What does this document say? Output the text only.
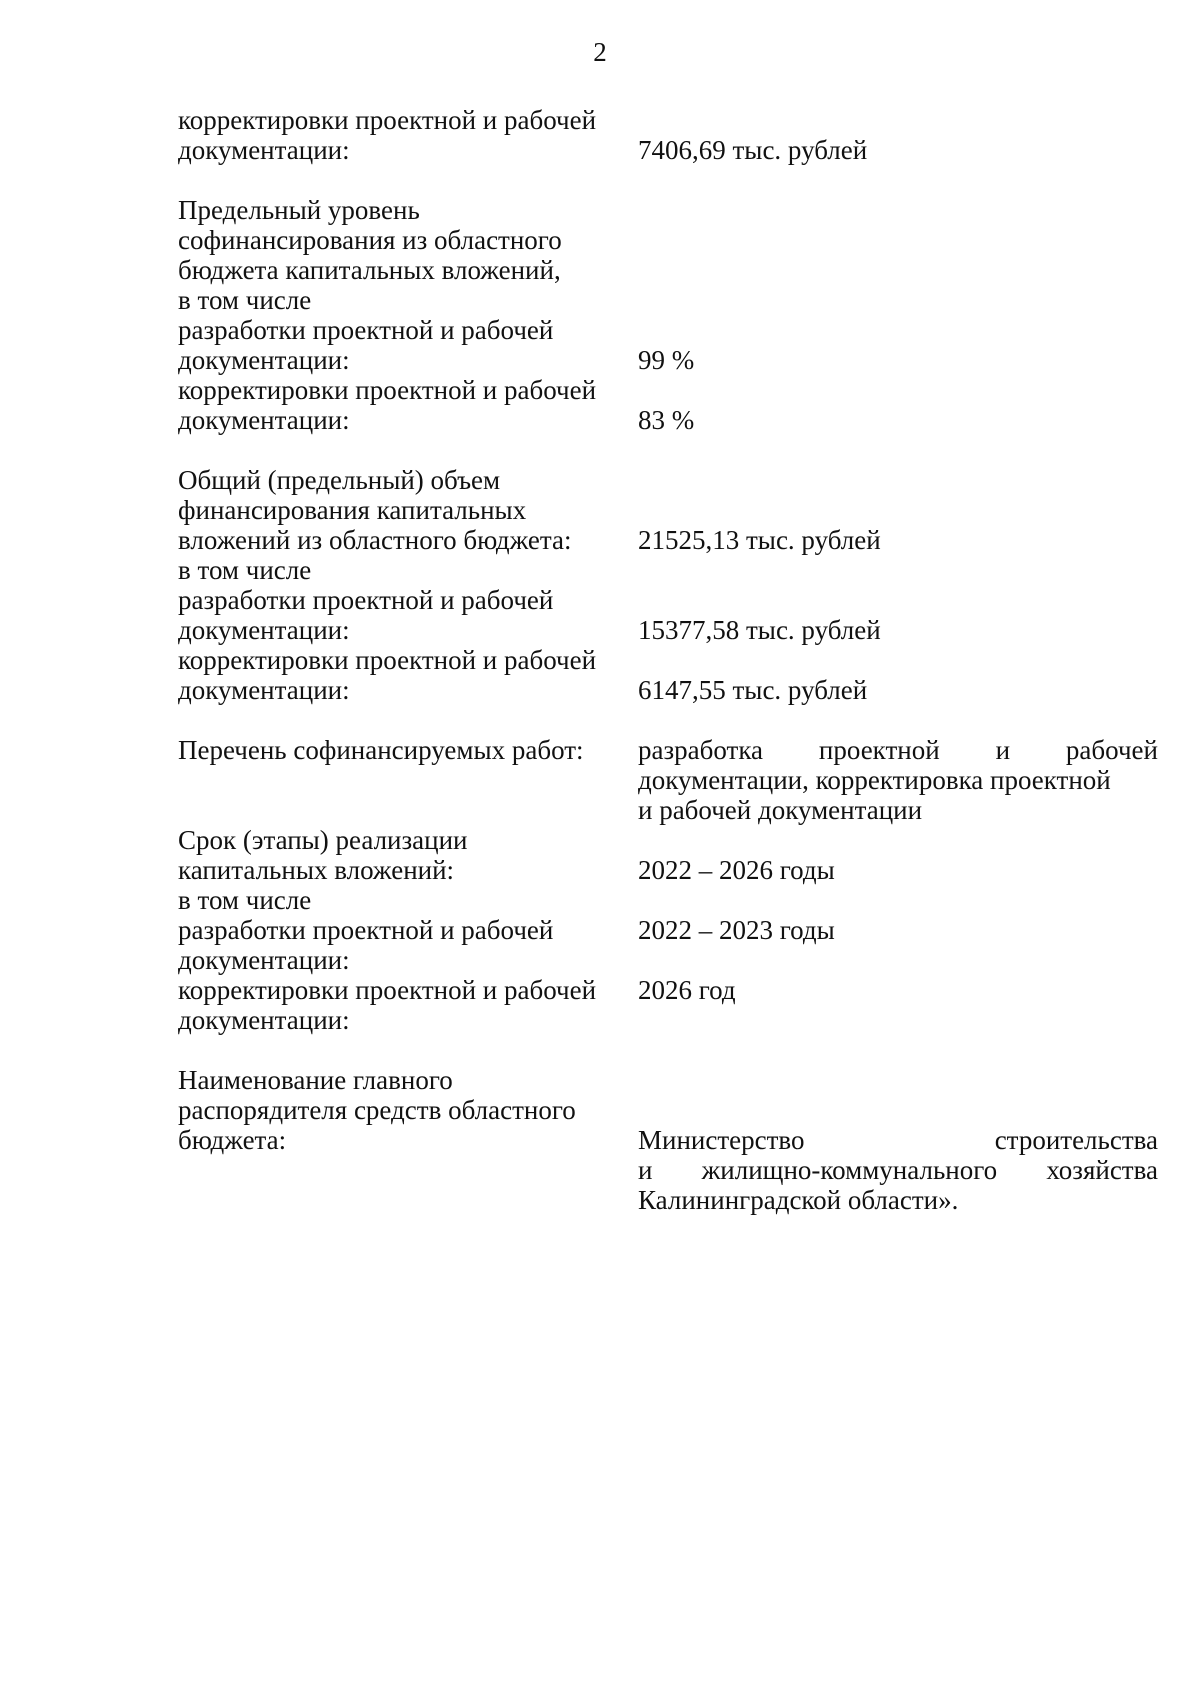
2
корректировки проектной и рабочей
документации:
Предельный уровень
софинансирования из областного
бюджета капитальных вложений,
в том числе
разработки проектной и рабочей
документации:
корректировки проектной и рабочей
документации:
Общий (предельный) объем
финансирования капитальных
вложений из областного бюджета:
в том числе
разработки проектной и рабочей
документации:
корректировки проектной и рабочей
документации:
Перечень софинансируемых работ:
Срок (этапы) реализации
капитальных вложений:
в том числе
разработки проектной и рабочей
документации:
корректировки проектной и рабочей
документации:
Наименование главного
распорядителя средств областного
бюджета:
7406,69 тыс. рублей
99 %
83 %
21525,13 тыс. рублей
15377,58 тыс. рублей
6147,55 тыс. рублей
разработка проектной и рабочей
документации, корректировка проектной
и рабочей документации
2022 – 2026 годы
2022 – 2023 годы
2026 год
Министерство	строительства
и жилищно-коммунального хозяйства
Калининградской области».
